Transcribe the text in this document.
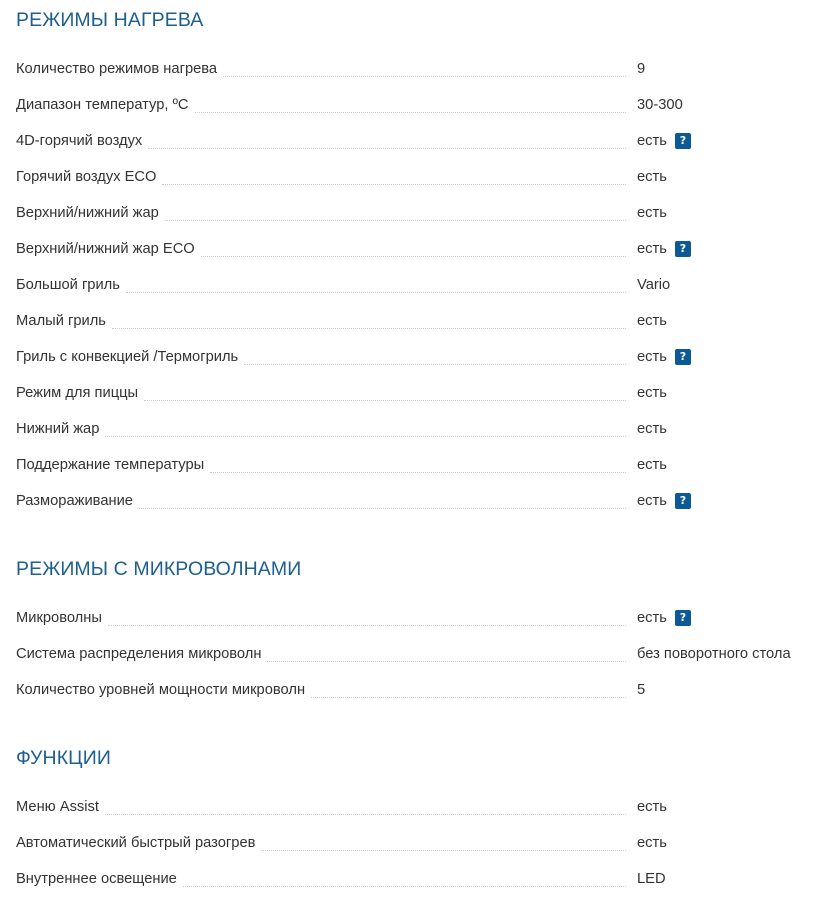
РЕЖИМЫ НАГРЕВА
Количество режимов нагрева	9
Диапазон температур, ºC	30-300
4D-горячий воздух	есть	?
Горячий воздух ECO	есть
Верхний/нижний жар	есть
Верхний/нижний жар ECO	есть	?
Большой гриль	Vario
Малый гриль	есть
Гриль с конвекцией /Термогриль	есть	?
Режим для пиццы	есть
Нижний жар	есть
Поддержание температуры	есть
Размораживание	есть	?
РЕЖИМЫ С МИКРОВОЛНАМИ
Микроволны	есть	?
Система распределения микроволн	без поворотного стола
Количество уровней мощности микроволн	5
ФУНКЦИИ
Меню Assist	есть
Автоматический быстрый разогрев	есть
Внутреннее освещение	LED
